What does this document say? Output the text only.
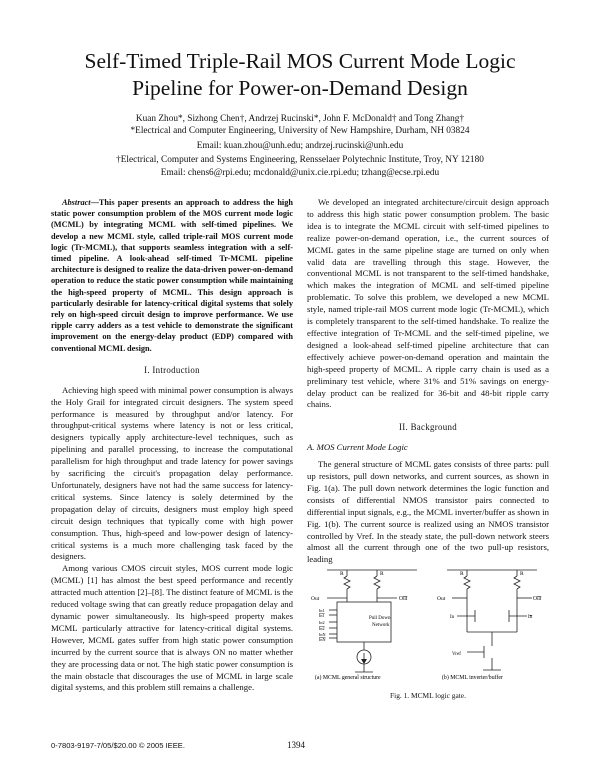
Self-Timed Triple-Rail MOS Current Mode Logic
Pipeline for Power-on-Demand Design
Kuan Zhou*, Sizhong Chen†, Andrzej Rucinski*, John F. McDonald† and Tong Zhang†
*Electrical and Computer Engineering, University of New Hampshire, Durham, NH 03824
Email: kuan.zhou@unh.edu; andrzej.rucinski@unh.edu
†Electrical, Computer and Systems Engineering, Rensselaer Polytechnic Institute, Troy, NY 12180
Email: chens6@rpi.edu; mcdonald@unix.cie.rpi.edu; tzhang@ecse.rpi.edu

Abstract—This paper presents an approach to address the high static power consumption problem of the MOS current mode logic (MCML) by integrating MCML with self-timed pipelines. We develop a new MCML style, called triple-rail MOS current mode logic (Tr-MCML), that supports seamless integration with a self-timed pipeline. A look-ahead self-timed Tr-MCML pipeline architecture is designed to realize the data-driven power-on-demand operation to reduce the static power consumption while maintaining the high-speed property of MCML. This design approach is particularly desirable for latency-critical digital systems that solely rely on high-speed circuit design to improve performance. We use ripple carry adders as a test vehicle to demonstrate the significant improvement on the energy-delay product (EDP) compared with conventional MCML design.

I. Introduction

Achieving high speed with minimal power consumption is always the Holy Grail for integrated circuit designers. The system speed performance is measured by throughput and/or latency. For throughput-critical systems where latency is not or less critical, designers typically apply architecture-level techniques, such as pipelining and parallel processing, to increase the computational parallelism for high throughput and trade latency for power savings by sacrificing the circuit's propagation delay performance. Unfortunately, designers have not had the same success for latency-critical systems. Since latency is solely determined by the propagation delay of circuits, designers must employ high speed circuit design techniques that typically come with high power consumption. Thus, high-speed and low-power design of latency-critical systems is a much more challenging task faced by the designers.

Among various CMOS circuit styles, MOS current mode logic (MCML) [1] has almost the best speed performance and recently attracted much attention [2]–[8]. The distinct feature of MCML is the reduced voltage swing that can greatly reduce propagation delay and dynamic power simultaneously. Its high-speed property makes MCML particularly attractive for latency-critical digital systems. However, MCML gates suffer from high static power consumption incurred by the current source that is always ON no matter whether they are processing data or not. The high static power consumption is the main obstacle that discourages the use of MCML in large scale digital systems, and this problem still remains a challenge.

We developed an integrated architecture/circuit design approach to address this high static power consumption problem. The basic idea is to integrate the MCML circuit with self-timed pipelines to realize power-on-demand operation, i.e., the current sources of MCML gates in the same pipeline stage are turned on only when valid data are travelling through this stage. However, the conventional MCML is not transparent to the self-timed handshake, which makes the integration of MCML and self-timed pipeline problematic. To solve this problem, we developed a new MCML style, named triple-rail MOS current mode logic (Tr-MCML), which is completely transparent to the self-timed handshake. To realize the effective integration of Tr-MCML and the self-timed pipeline, we designed a look-ahead self-timed pipeline architecture that can effectively achieve power-on-demand operation and maintain the high-speed property of MCML. A ripple carry chain is used as a preliminary test vehicle, where 31% and 51% savings on energy-delay product can be realized for 36-bit and 48-bit ripple carry chains.

II. Background
A. MOS Current Mode Logic

The general structure of MCML gates consists of three parts: pull up resistors, pull down networks, and current sources, as shown in Fig. 1(a). The pull down network determines the logic function and consists of differential NMOS transistor pairs connected to differential input signals, e.g., the MCML inverter/buffer as shown in Fig. 1(b). The current source is realized using an NMOS transistor controlled by Vref. In the steady state, the pull-down network steers almost all the current through one of the two pull-up resistors, leading

R	R
Out	Out
In1
In1
In2
In2
InN
InN
Pull Down
Network
R	R
Out	Out
In	In
Vref
(a) MCML general structure	(b) MCML inverter/buffer
Fig. 1. MCML logic gate.
0-7803-9197-7/05/$20.00 © 2005 IEEE.	1394
